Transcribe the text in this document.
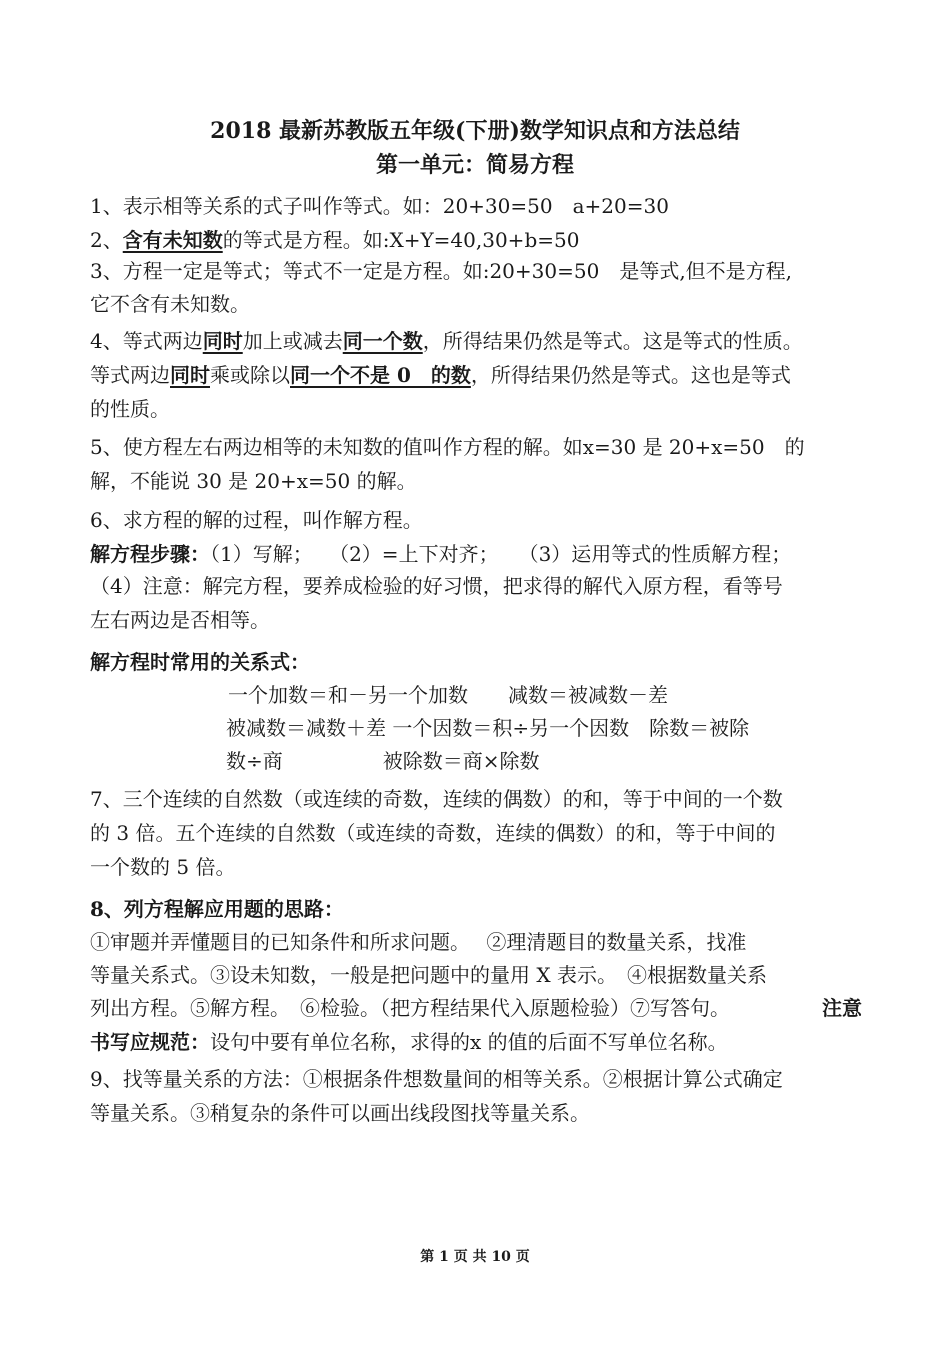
2018 最新苏教版五年级(下册)数学知识点和方法总结
第一单元：简易方程
1、表示相等关系的式子叫作等式。如：20+30=50　a+20=30
2、含有未知数的等式是方程。如:X+Y=40,30+b=50
3、方程一定是等式；等式不一定是方程。如:20+30=50　是等式,但不是方程,
它不含有未知数。
4、等式两边同时加上或减去同一个数，所得结果仍然是等式。这是等式的性质。
等式两边同时乘或除以同一个不是 0　的数，所得结果仍然是等式。这也是等式
的性质。
5、使方程左右两边相等的未知数的值叫作方程的解。如x=30 是 20+x=50　的
解，不能说 30 是 20+x=50 的解。
6、求方程的解的过程，叫作解方程。
解方程步骤：（1）写解；　 （2）=上下对齐；　　（3）运用等式的性质解方程；
（4）注意：解完方程，要养成检验的好习惯，把求得的解代入原方程，看等号
左右两边是否相等。
解方程时常用的关系式：
一个加数＝和－另一个加数　　减数＝被减数－差
被减数＝减数＋差 一个因数＝积÷另一个因数　除数＝被除
数÷商　　　　　被除数＝商×除数
7、三个连续的自然数（或连续的奇数，连续的偶数）的和，等于中间的一个数
的 3 倍。五个连续的自然数（或连续的奇数，连续的偶数）的和，等于中间的
一个数的 5 倍。
8、列方程解应用题的思路：
①审题并弄懂题目的已知条件和所求问题。　 ②理清题目的数量关系，找准
等量关系式。③设未知数，一般是把问题中的量用 X 表示。　④根据数量关系
列出方程。⑤解方程。　⑥检验。（把方程结果代入原题检验）⑦写答句。	注意
书写应规范：设句中要有单位名称，求得的x 的值的后面不写单位名称。
9、找等量关系的方法：①根据条件想数量间的相等关系。②根据计算公式确定
等量关系。③稍复杂的条件可以画出线段图找等量关系。
第 1 页 共 10 页
